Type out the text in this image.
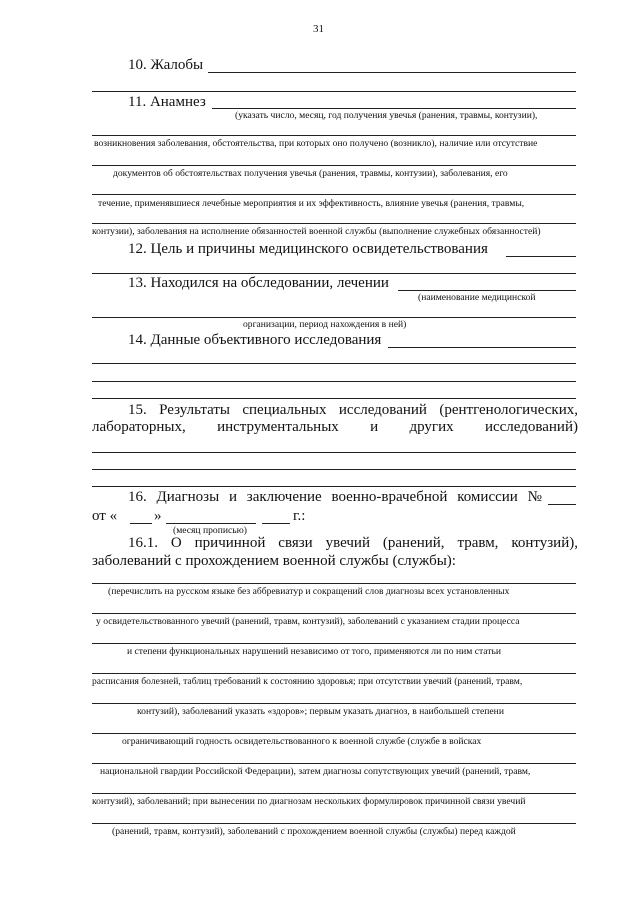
31
10. Жалобы
11. Анамнез
(указать число, месяц, год получения увечья (ранения, травмы, контузии),
возникновения заболевания, обстоятельства, при которых оно получено (возникло), наличие или отсутствие
документов об обстоятельствах получения увечья (ранения, травмы, контузии), заболевания, его
течение, применявшиеся лечебные мероприятия и их эффективность, влияние увечья (ранения, травмы,
контузии), заболевания на исполнение обязанностей военной службы (выполнение служебных обязанностей)
12. Цель и причины медицинского освидетельствования
13. Находился на обследовании, лечении
(наименование медицинской
организации, период нахождения в ней)
14. Данные объективного исследования
15. Результаты специальных исследований (рентгенологических,
лабораторных, инструментальных и других исследований)
16. Диагнозы и заключение военно-врачебной комиссии №
от « »	г.:
(месяц прописью)
16.1. О причинной связи увечий (ранений, травм, контузий),
заболеваний с прохождением военной службы (службы):
(перечислить на русском языке без аббревиатур и сокращений слов диагнозы всех установленных
у освидетельствованного увечий (ранений, травм, контузий), заболеваний с указанием стадии процесса
и степени функциональных нарушений независимо от того, применяются ли по ним статьи
расписания болезней, таблиц требований к состоянию здоровья; при отсутствии увечий (ранений, травм,
контузий), заболеваний указать «здоров»; первым указать диагноз, в наибольшей степени
ограничивающий годность освидетельствованного к военной службе (службе в войсках
национальной гвардии Российской Федерации), затем диагнозы сопутствующих увечий (ранений, травм,
контузий), заболеваний; при вынесении по диагнозам нескольких формулировок причинной связи увечий
(ранений, травм, контузий), заболеваний с прохождением военной службы (службы) перед каждой
